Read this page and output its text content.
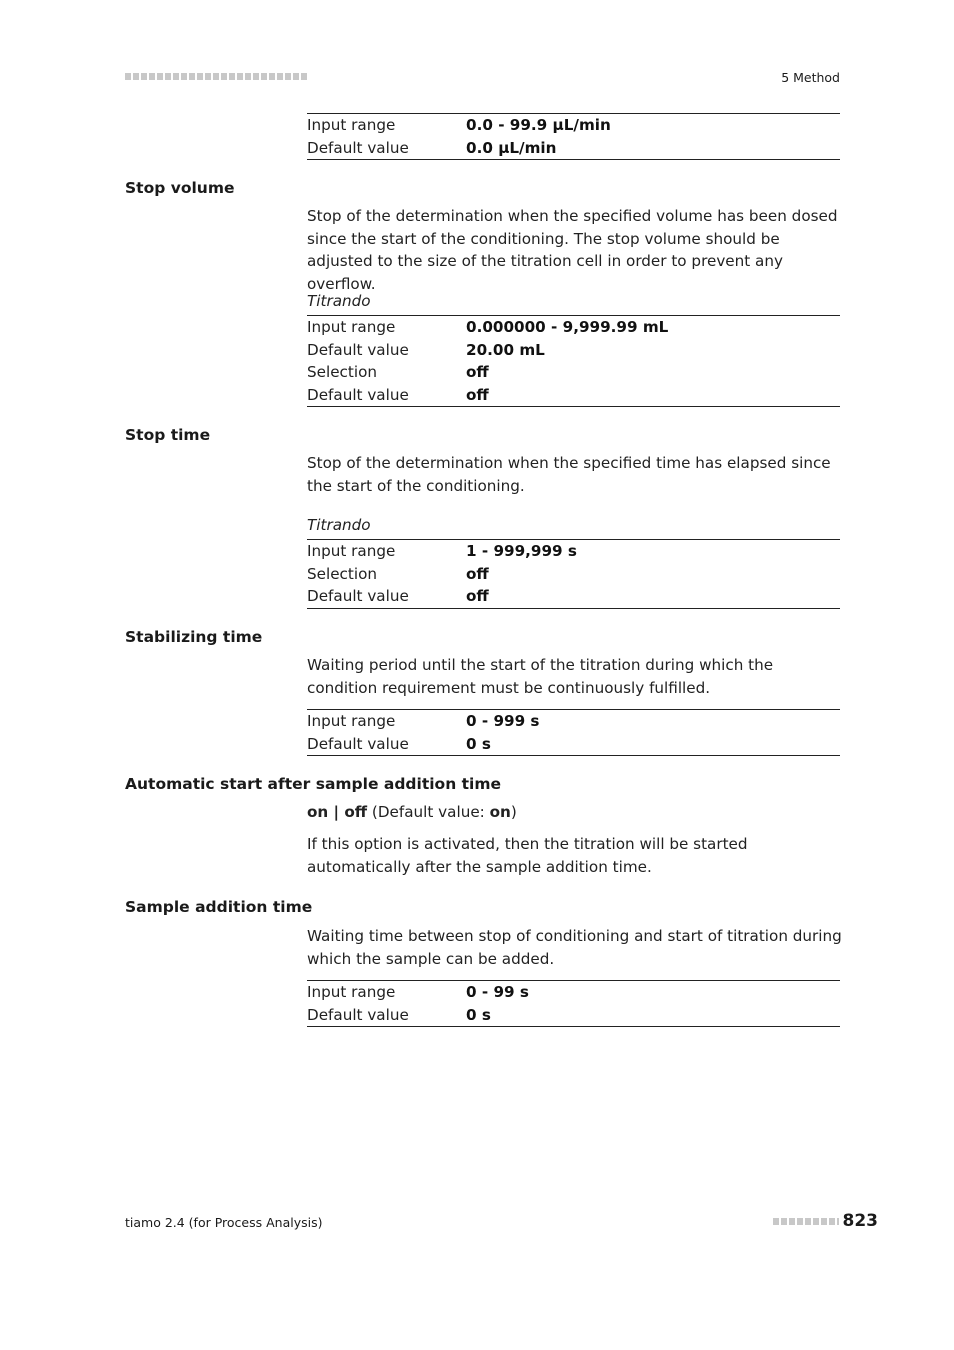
5 Method
Input range	0.0 - 99.9 µL/min
Default value	0.0 µL/min
Stop volume
Stop of the determination when the specified volume has been dosed since the start of the conditioning. The stop volume should be adjusted to the size of the titration cell in order to prevent any overflow.
Titrando
Input range	0.000000 - 9,999.99 mL
Default value	20.00 mL
Selection	off
Default value	off
Stop time
Stop of the determination when the specified time has elapsed since the start of the conditioning.
Titrando
Input range	1 - 999,999 s
Selection	off
Default value	off
Stabilizing time
Waiting period until the start of the titration during which the condition requirement must be continuously fulfilled.
Input range	0 - 999 s
Default value	0 s
Automatic start after sample addition time
on | off (Default value: on)
If this option is activated, then the titration will be started automatically after the sample addition time.
Sample addition time
Waiting time between stop of conditioning and start of titration during which the sample can be added.
Input range	0 - 99 s
Default value	0 s
tiamo 2.4 (for Process Analysis)	823
